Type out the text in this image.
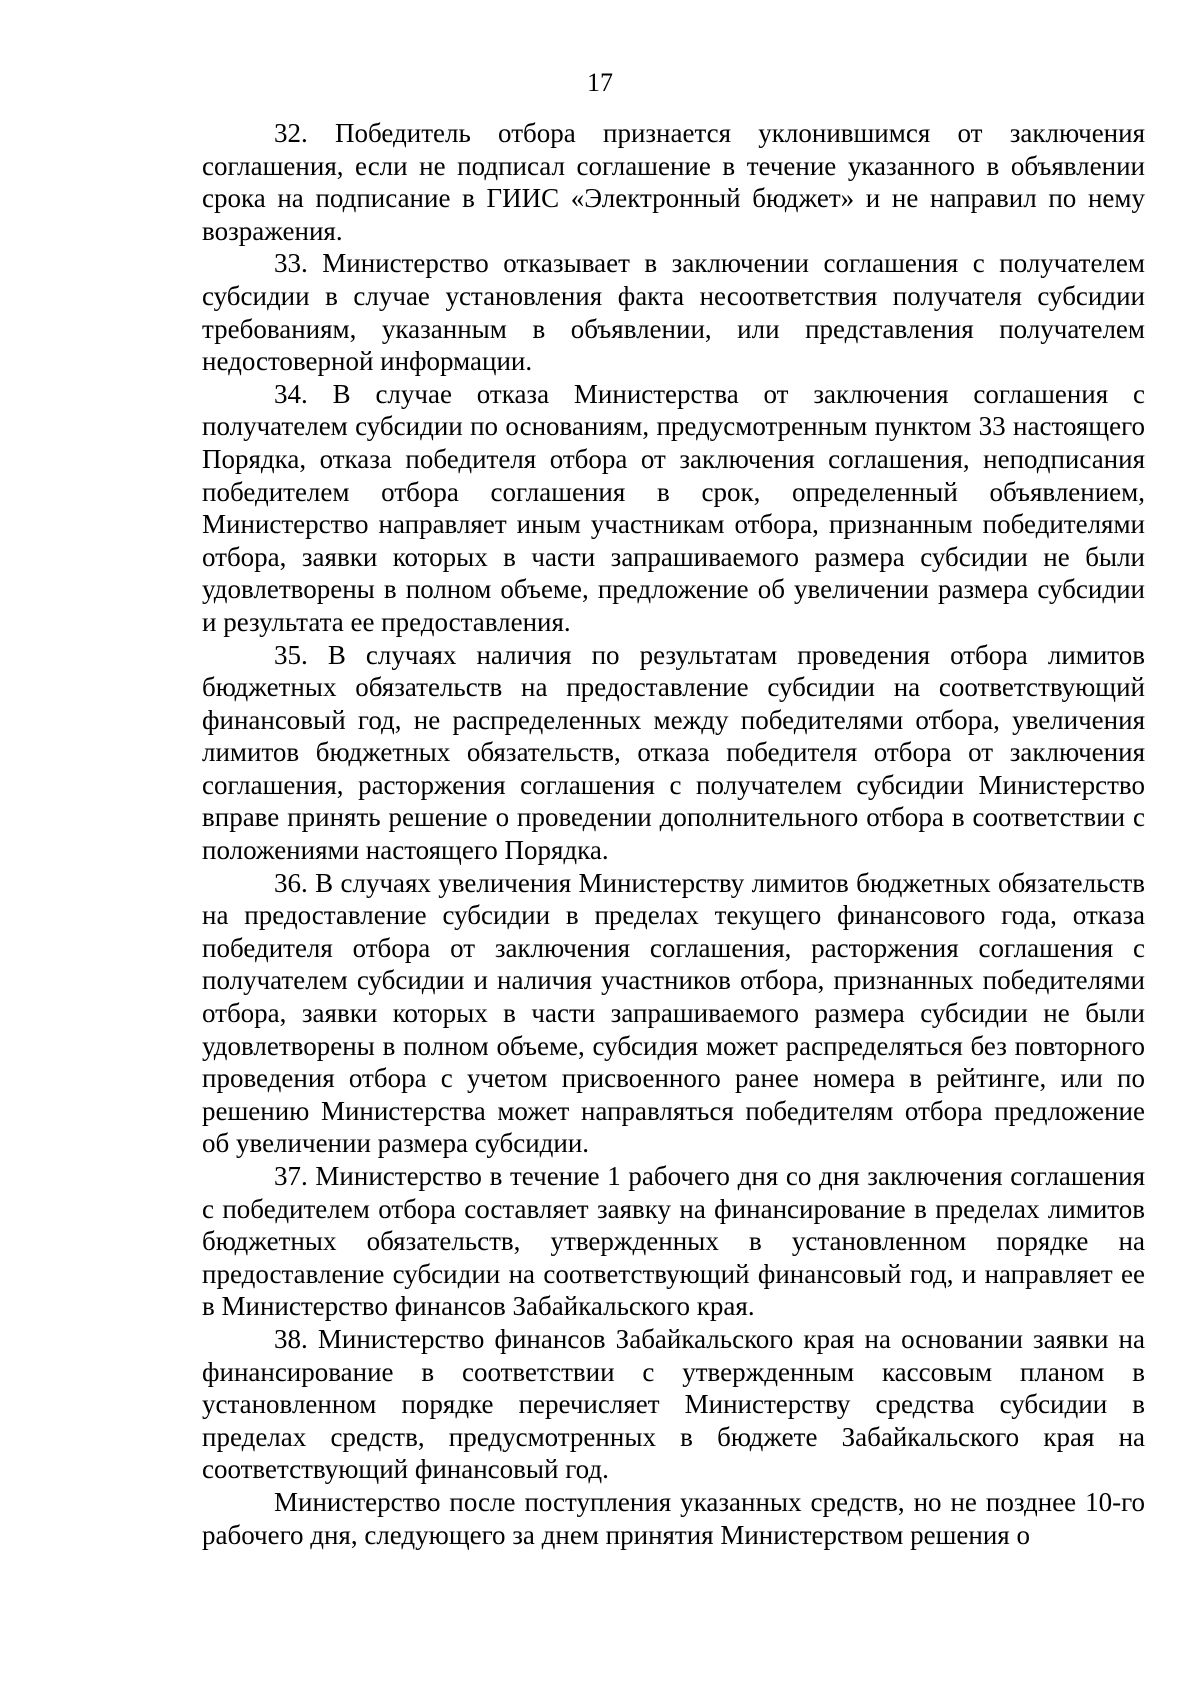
17

32. Победитель отбора признается уклонившимся от заключения соглашения, если не подписал соглашение в течение указанного в объявлении срока на подписание в ГИИС «Электронный бюджет» и не направил по нему возражения.

33. Министерство отказывает в заключении соглашения с получателем субсидии в случае установления факта несоответствия получателя субсидии требованиям, указанным в объявлении, или представления получателем недостоверной информации.

34. В случае отказа Министерства от заключения соглашения с получателем субсидии по основаниям, предусмотренным пунктом 33 настоящего Порядка, отказа победителя отбора от заключения соглашения, неподписания победителем отбора соглашения в срок, определенный объявлением, Министерство направляет иным участникам отбора, признанным победителями отбора, заявки которых в части запрашиваемого размера субсидии не были удовлетворены в полном объеме, предложение об увеличении размера субсидии и результата ее предоставления.

35. В случаях наличия по результатам проведения отбора лимитов бюджетных обязательств на предоставление субсидии на соответствующий финансовый год, не распределенных между победителями отбора, увеличения лимитов бюджетных обязательств, отказа победителя отбора от заключения соглашения, расторжения соглашения с получателем субсидии Министерство вправе принять решение о проведении дополнительного отбора в соответствии с положениями настоящего Порядка.

36. В случаях увеличения Министерству лимитов бюджетных обязательств на предоставление субсидии в пределах текущего финансового года, отказа победителя отбора от заключения соглашения, расторжения соглашения с получателем субсидии и наличия участников отбора, признанных победителями отбора, заявки которых в части запрашиваемого размера субсидии не были удовлетворены в полном объеме, субсидия может распределяться без повторного проведения отбора с учетом присвоенного ранее номера в рейтинге, или по решению Министерства может направляться победителям отбора предложение об увеличении размера субсидии.

37. Министерство в течение 1 рабочего дня со дня заключения соглашения с победителем отбора составляет заявку на финансирование в пределах лимитов бюджетных обязательств, утвержденных в установленном порядке на предоставление субсидии на соответствующий финансовый год, и направляет ее в Министерство финансов Забайкальского края.

38. Министерство финансов Забайкальского края на основании заявки на финансирование в соответствии с утвержденным кассовым планом в установленном порядке перечисляет Министерству средства субсидии в пределах средств, предусмотренных в бюджете Забайкальского края на соответствующий финансовый год.

Министерство после поступления указанных средств, но не позднее 10-го рабочего дня, следующего за днем принятия Министерством решения о
